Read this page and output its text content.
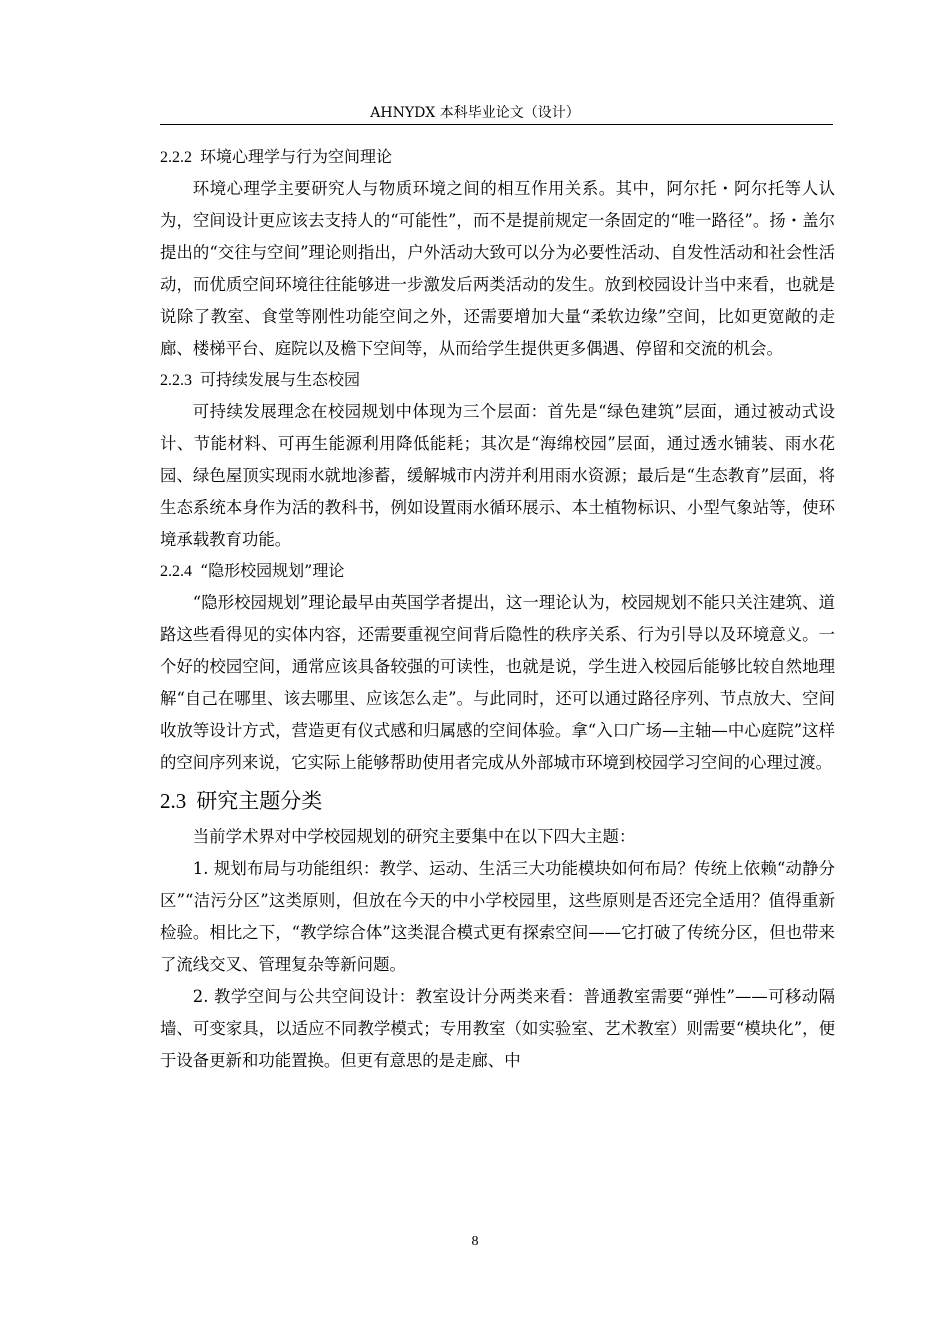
AHNYDX 本科毕业论文（设计）
2.2.2 环境心理学与行为空间理论

环境心理学主要研究人与物质环境之间的相互作用关系。其中，阿尔托・阿尔托等人认为，空间设计更应该去支持人的“可能性”，而不是提前规定一条固定的“唯一路径”。扬・盖尔提出的“交往与空间”理论则指出，户外活动大致可以分为必要性活动、自发性活动和社会性活动，而优质空间环境往往能够进一步激发后两类活动的发生。放到校园设计当中来看，也就是说除了教室、食堂等刚性功能空间之外，还需要增加大量“柔软边缘”空间，比如更宽敞的走廊、楼梯平台、庭院以及檐下空间等，从而给学生提供更多偶遇、停留和交流的机会。

2.2.3 可持续发展与生态校园

可持续发展理念在校园规划中体现为三个层面：首先是“绿色建筑”层面，通过被动式设计、节能材料、可再生能源利用降低能耗；其次是“海绵校园”层面，通过透水铺装、雨水花园、绿色屋顶实现雨水就地渗蓄，缓解城市内涝并利用雨水资源；最后是“生态教育”层面，将生态系统本身作为活的教科书，例如设置雨水循环展示、本土植物标识、小型气象站等，使环境承载教育功能。

2.2.4 “隐形校园规划”理论

“隐形校园规划”理论最早由英国学者提出，这一理论认为，校园规划不能只关注建筑、道路这些看得见的实体内容，还需要重视空间背后隐性的秩序关系、行为引导以及环境意义。一个好的校园空间，通常应该具备较强的可读性，也就是说，学生进入校园后能够比较自然地理解“自己在哪里、该去哪里、应该怎么走”。与此同时，还可以通过路径序列、节点放大、空间收放等设计方式，营造更有仪式感和归属感的空间体验。拿“入口广场—主轴—中心庭院”这样的空间序列来说，它实际上能够帮助使用者完成从外部城市环境到校园学习空间的心理过渡。

2.3 研究主题分类

当前学术界对中学校园规划的研究主要集中在以下四大主题：

1. 规划布局与功能组织：教学、运动、生活三大功能模块如何布局？传统上依赖“动静分区”“洁污分区”这类原则，但放在今天的中小学校园里，这些原则是否还完全适用？值得重新检验。相比之下，“教学综合体”这类混合模式更有探索空间——它打破了传统分区，但也带来了流线交叉、管理复杂等新问题。

2. 教学空间与公共空间设计：教室设计分两类来看：普通教室需要“弹性”——可移动隔墙、可变家具，以适应不同教学模式；专用教室（如实验室、艺术教室）则需要“模块化”，便于设备更新和功能置换。但更有意思的是走廊、中

8
